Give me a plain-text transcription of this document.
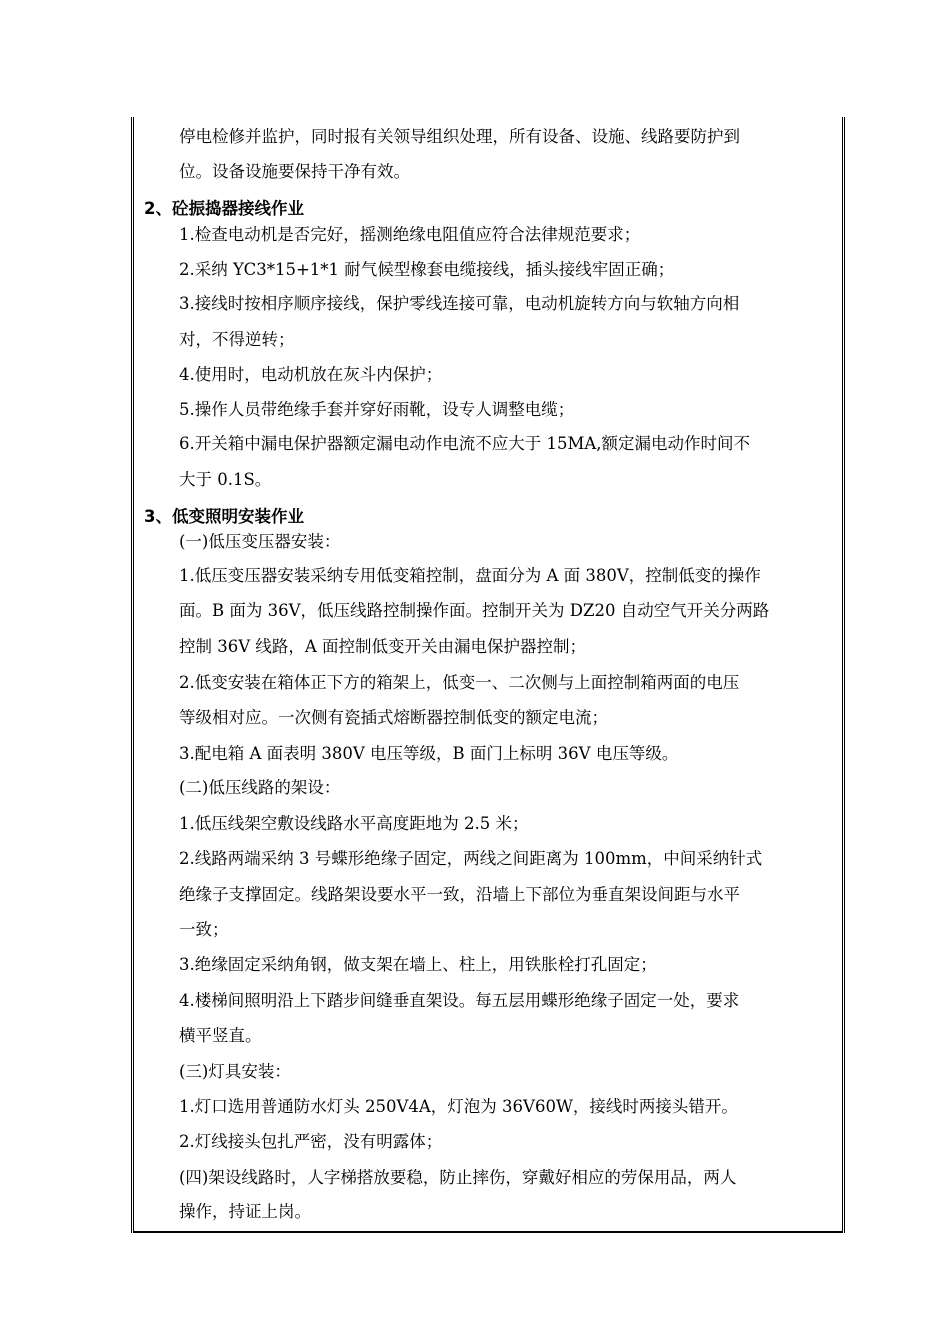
停电检修并监护，同时报有关领导组织处理，所有设备、设施、线路要防护到
位。设备设施要保持干净有效。
2、砼振捣器接线作业
1.检查电动机是否完好，摇测绝缘电阻值应符合法律规范要求；
2.采纳 YC3*15+1*1 耐气候型橡套电缆接线，插头接线牢固正确；
3.接线时按相序顺序接线，保护零线连接可靠，电动机旋转方向与软轴方向相
对，不得逆转；
4.使用时，电动机放在灰斗内保护；
5.操作人员带绝缘手套并穿好雨靴，设专人调整电缆；
6.开关箱中漏电保护器额定漏电动作电流不应大于 15MA,额定漏电动作时间不
大于 0.1S。
3、低变照明安装作业
(一)低压变压器安装：
1.低压变压器安装采纳专用低变箱控制，盘面分为 A 面 380V，控制低变的操作
面。B 面为 36V，低压线路控制操作面。控制开关为 DZ20 自动空气开关分两路
控制 36V 线路，A 面控制低变开关由漏电保护器控制；
2.低变安装在箱体正下方的箱架上，低变一、二次侧与上面控制箱两面的电压
等级相对应。一次侧有瓷插式熔断器控制低变的额定电流；
3.配电箱 A 面表明 380V 电压等级，B 面门上标明 36V 电压等级。
(二)低压线路的架设：
1.低压线架空敷设线路水平高度距地为 2.5 米；
2.线路两端采纳 3 号蝶形绝缘子固定，两线之间距离为 100mm，中间采纳针式
绝缘子支撑固定。线路架设要水平一致，沿墙上下部位为垂直架设间距与水平
一致；
3.绝缘固定采纳角钢，做支架在墙上、柱上，用铁胀栓打孔固定；
4.楼梯间照明沿上下踏步间缝垂直架设。每五层用蝶形绝缘子固定一处，要求
横平竖直。
(三)灯具安装：
1.灯口选用普通防水灯头 250V4A，灯泡为 36V60W，接线时两接头错开。
2.灯线接头包扎严密，没有明露体；
(四)架设线路时，人字梯搭放要稳，防止摔伤，穿戴好相应的劳保用品，两人
操作，持证上岗。
